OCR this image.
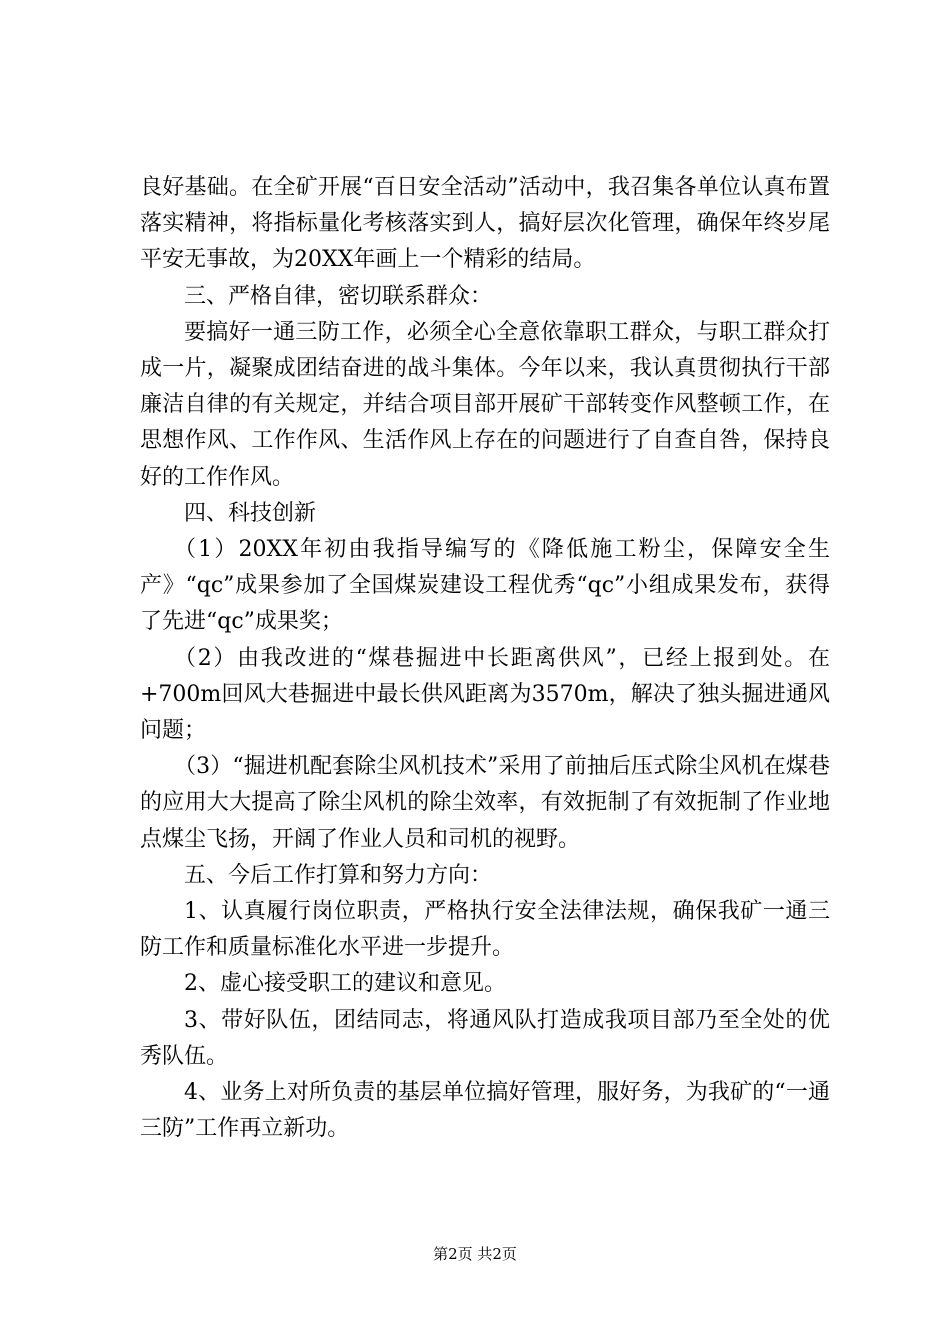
良好基础。在全矿开展“百日安全活动”活动中，我召集各单位认真布置落实精神，将指标量化考核落实到人，搞好层次化管理，确保年终岁尾平安无事故，为20XX年画上一个精彩的结局。

三、严格自律，密切联系群众：

要搞好一通三防工作，必须全心全意依靠职工群众，与职工群众打成一片，凝聚成团结奋进的战斗集体。今年以来，我认真贯彻执行干部廉洁自律的有关规定，并结合项目部开展矿干部转变作风整顿工作，在思想作风、工作作风、生活作风上存在的问题进行了自查自咎，保持良好的工作作风。

四、科技创新

（1）20XX年初由我指导编写的《降低施工粉尘，保障安全生产》“qc”成果参加了全国煤炭建设工程优秀“qc”小组成果发布，获得了先进“qc”成果奖；

（2）由我改进的“煤巷掘进中长距离供风”，已经上报到处。在+700m回风大巷掘进中最长供风距离为3570m，解决了独头掘进通风问题；

（3）“掘进机配套除尘风机技术”采用了前抽后压式除尘风机在煤巷的应用大大提高了除尘风机的除尘效率，有效扼制了有效扼制了作业地点煤尘飞扬，开阔了作业人员和司机的视野。

五、今后工作打算和努力方向：

1、认真履行岗位职责，严格执行安全法律法规，确保我矿一通三防工作和质量标准化水平进一步提升。

2、虚心接受职工的建议和意见。

3、带好队伍，团结同志，将通风队打造成我项目部乃至全处的优秀队伍。

4、业务上对所负责的基层单位搞好管理，服好务，为我矿的“一通三防”工作再立新功。

第2页 共2页
